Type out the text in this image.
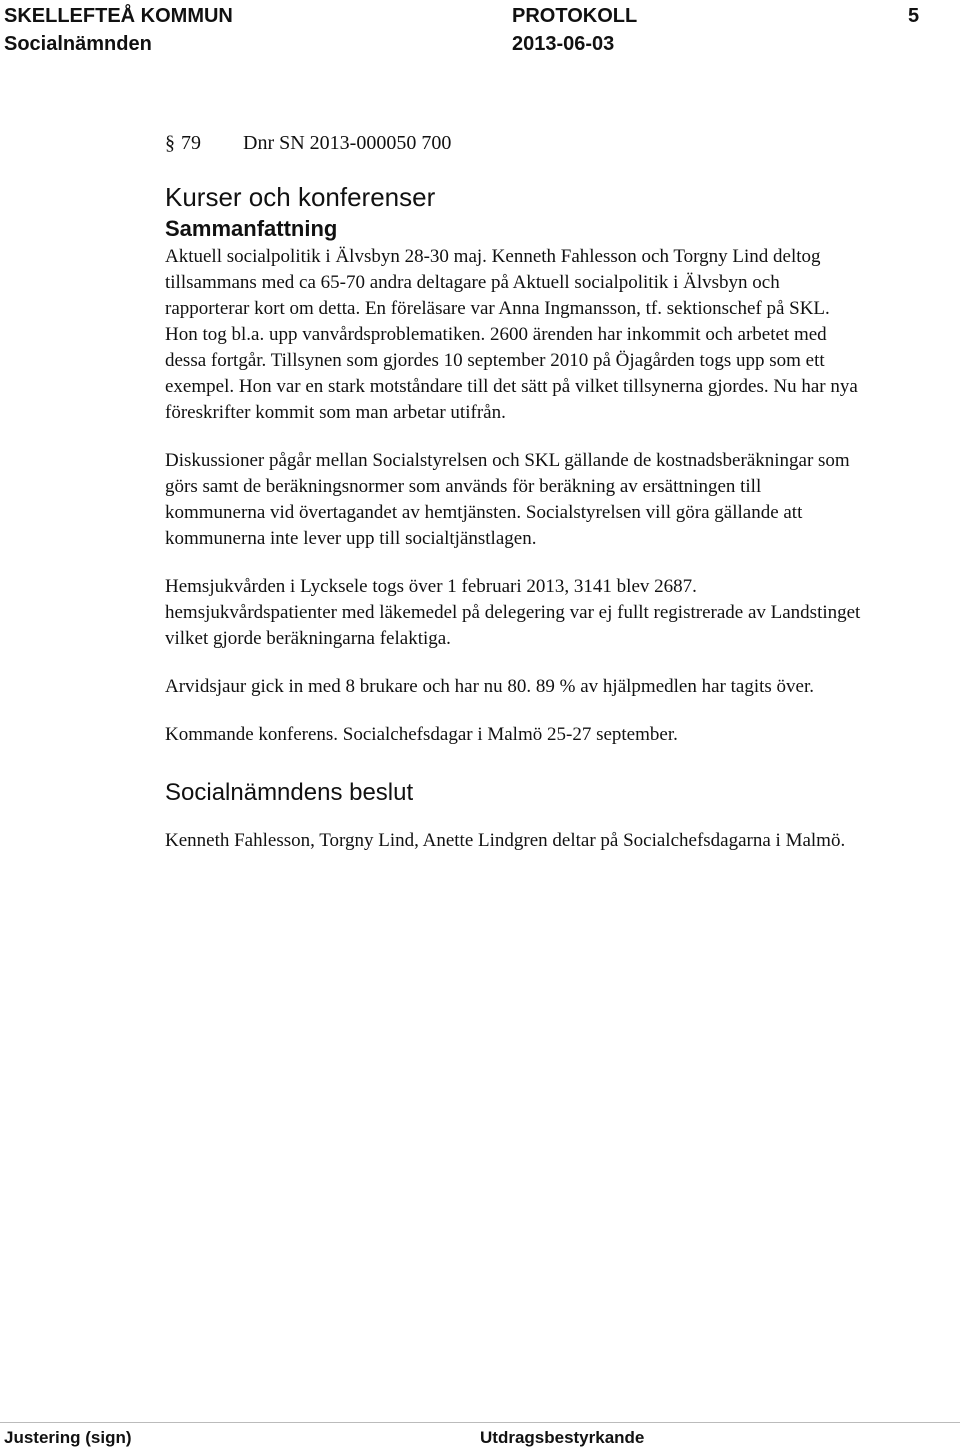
SKELLEFTEÅ KOMMUN
Socialnämnden
PROTOKOLL
2013-06-03
5
§ 79	Dnr SN 2013-000050 700
Kurser och konferenser
Sammanfattning

Aktuell socialpolitik i Älvsbyn 28-30 maj. Kenneth Fahlesson och Torgny Lind deltog tillsammans med ca 65-70 andra deltagare på Aktuell socialpolitik i Älvsbyn och rapporterar kort om detta. En föreläsare var Anna Ingmansson, tf. sektionschef på SKL. Hon tog bl.a. upp vanvårdsproblematiken. 2600 ärenden har inkommit och arbetet med dessa fortgår. Tillsynen som gjordes 10 september 2010 på Öjagården togs upp som ett exempel. Hon var en stark motståndare till det sätt på vilket tillsynerna gjordes. Nu har nya föreskrifter kommit som man arbetar utifrån.

Diskussioner pågår mellan Socialstyrelsen och SKL gällande de kostnadsberäkningar som görs samt de beräkningsnormer som används för beräkning av ersättningen till kommunerna vid övertagandet av hemtjänsten. Socialstyrelsen vill göra gällande att kommunerna inte lever upp till socialtjänstlagen.

Hemsjukvården i Lycksele togs över 1 februari 2013, 3141 blev 2687. hemsjukvårdspatienter med läkemedel på delegering var ej fullt registrerade av Landstinget vilket gjorde beräkningarna felaktiga.

Arvidsjaur gick in med 8 brukare och har nu 80. 89 % av hjälpmedlen har tagits över.

Kommande konferens. Socialchefsdagar i Malmö 25-27 september.

Socialnämndens beslut

Kenneth Fahlesson, Torgny Lind, Anette Lindgren deltar på Socialchefsdagarna i Malmö.

Justering (sign)	Utdragsbestyrkande
